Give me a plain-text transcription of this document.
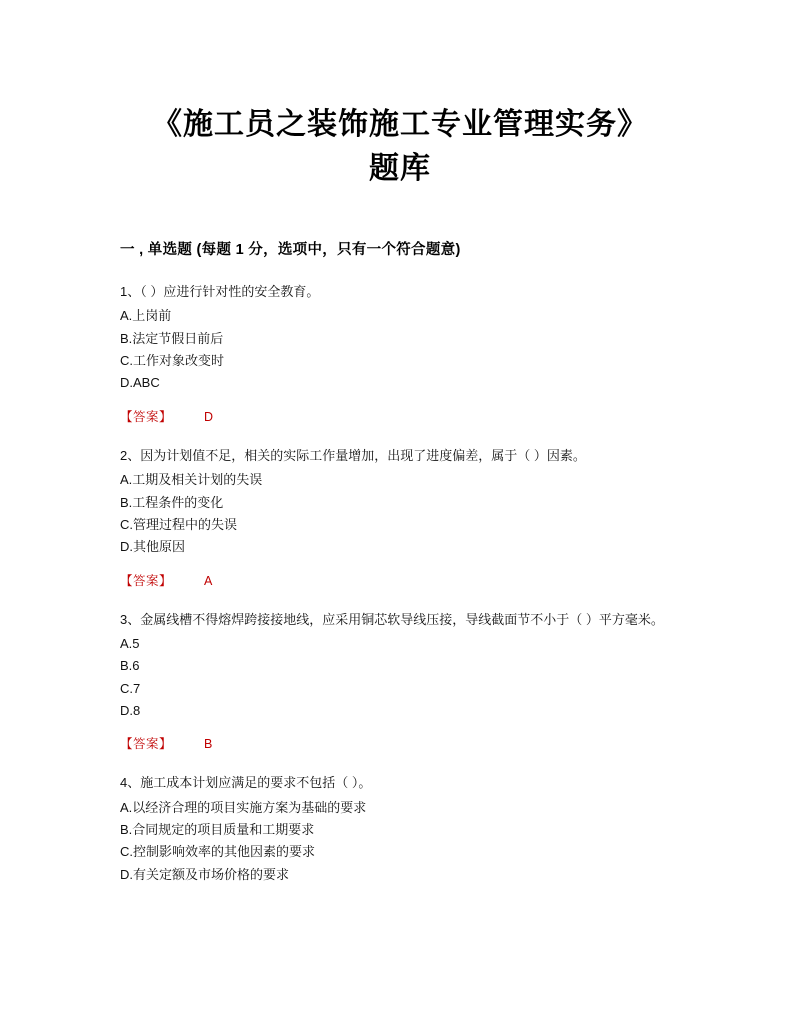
《施工员之装饰施工专业管理实务》
题库
一 , 单选题 (每题 1 分，选项中，只有一个符合题意)

1、（ ）应进行针对性的安全教育。

A.上岗前

B.法定节假日前后

C.工作对象改变时

D.ABC

【答案】	D

2、因为计划值不足，相关的实际工作量增加，出现了进度偏差，属于（ ）因素。

A.工期及相关计划的失误

B.工程条件的变化

C.管理过程中的失误

D.其他原因

【答案】	A

3、金属线槽不得熔焊跨接接地线，应采用铜芯软导线压接，导线截面节不小于（ ）平方毫米。

A.5

B.6

C.7

D.8

【答案】	B

4、施工成本计划应满足的要求不包括（ ）。

A.以经济合理的项目实施方案为基础的要求

B.合同规定的项目质量和工期要求

C.控制影响效率的其他因素的要求

D.有关定额及市场价格的要求
